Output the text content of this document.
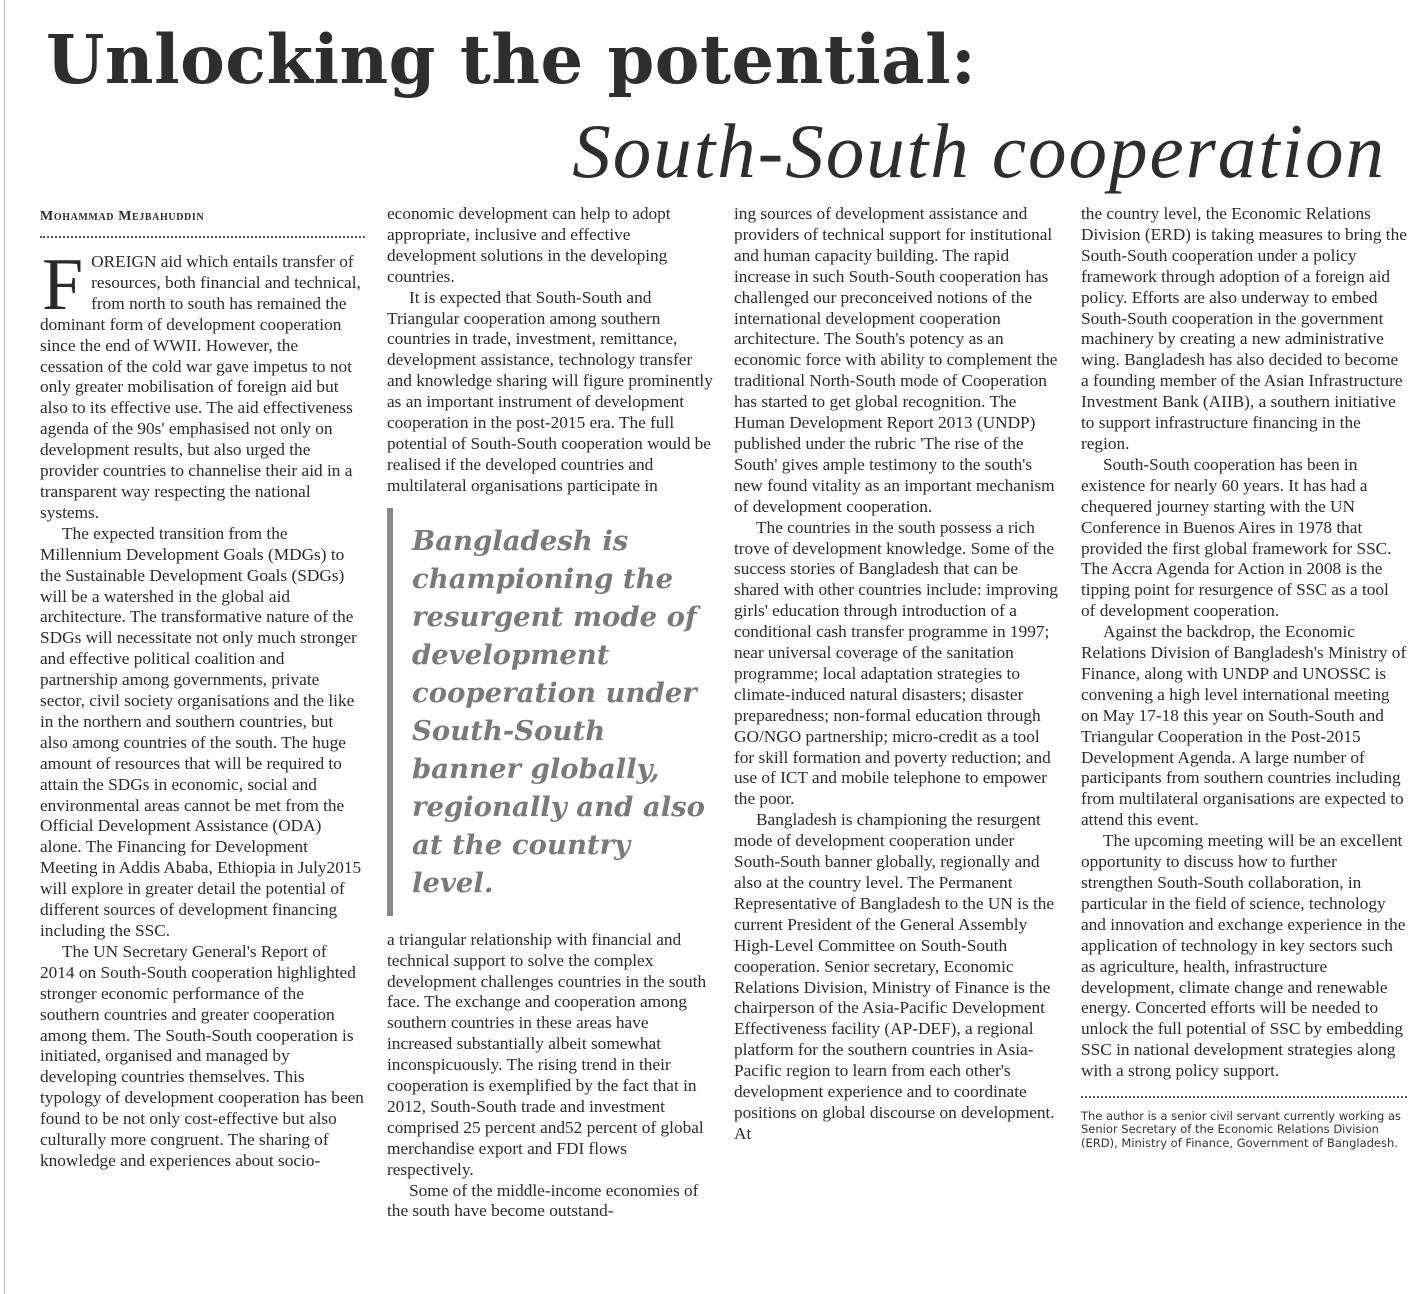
Unlocking the potential:
South-South cooperation
Mohammad Mejbahuddin

FOREIGN aid which entails transfer of resources, both financial and technical, from north to south has remained the dominant form of development cooperation since the end of WWII. However, the cessation of the cold war gave impetus to not only greater mobilisation of foreign aid but also to its effective use. The aid effectiveness agenda of the 90s' emphasised not only on development results, but also urged the provider countries to channelise their aid in a transparent way respecting the national systems.

The expected transition from the Millennium Development Goals (MDGs) to the Sustainable Development Goals (SDGs) will be a watershed in the global aid architecture. The transformative nature of the SDGs will necessitate not only much stronger and effective political coalition and partnership among governments, private sector, civil society organisations and the like in the northern and southern countries, but also among countries of the south. The huge amount of resources that will be required to attain the SDGs in economic, social and environmental areas cannot be met from the Official Development Assistance (ODA) alone. The Financing for Development Meeting in Addis Ababa, Ethiopia in July2015 will explore in greater detail the potential of different sources of development financing including the SSC.

The UN Secretary General's Report of 2014 on South-South cooperation highlighted stronger economic performance of the southern countries and greater cooperation among them. The South-South cooperation is initiated, organised and managed by developing countries themselves. This typology of development cooperation has been found to be not only cost-effective but also culturally more congruent. The sharing of knowledge and experiences about socio-

economic development can help to adopt appropriate, inclusive and effective development solutions in the developing countries.

It is expected that South-South and Triangular cooperation among southern countries in trade, investment, remittance, development assistance, technology transfer and knowledge sharing will figure prominently as an important instrument of development cooperation in the post-2015 era. The full potential of South-South cooperation would be realised if the developed countries and multilateral organisations participate in

Bangladesh is championing the resurgent mode of development cooperation under South-South banner globally, regionally and also at the country level.

a triangular relationship with financial and technical support to solve the complex development challenges countries in the south face. The exchange and cooperation among southern countries in these areas have increased substantially albeit somewhat inconspicuously. The rising trend in their cooperation is exemplified by the fact that in 2012, South-South trade and investment comprised 25 percent and52 percent of global merchandise export and FDI flows respectively.

Some of the middle-income economies of the south have become outstand-

ing sources of development assistance and providers of technical support for institutional and human capacity building. The rapid increase in such South-South cooperation has challenged our preconceived notions of the international development cooperation architecture. The South's potency as an economic force with ability to complement the traditional North-South mode of Cooperation has started to get global recognition. The Human Development Report 2013 (UNDP) published under the rubric 'The rise of the South' gives ample testimony to the south's new found vitality as an important mechanism of development cooperation.

The countries in the south possess a rich trove of development knowledge. Some of the success stories of Bangladesh that can be shared with other countries include: improving girls' education through introduction of a conditional cash transfer programme in 1997; near universal coverage of the sanitation programme; local adaptation strategies to climate-induced natural disasters; disaster preparedness; non-formal education through GO/NGO partnership; micro-credit as a tool for skill formation and poverty reduction; and use of ICT and mobile telephone to empower the poor.

Bangladesh is championing the resurgent mode of development cooperation under South-South banner globally, regionally and also at the country level. The Permanent Representative of Bangladesh to the UN is the current President of the General Assembly High-Level Committee on South-South cooperation. Senior secretary, Economic Relations Division, Ministry of Finance is the chairperson of the Asia-Pacific Development Effectiveness facility (AP-DEF), a regional platform for the southern countries in Asia- Pacific region to learn from each other's development experience and to coordinate positions on global discourse on development. At

the country level, the Economic Relations Division (ERD) is taking measures to bring the South-South cooperation under a policy framework through adoption of a foreign aid policy. Efforts are also underway to embed South-South cooperation in the government machinery by creating a new administrative wing. Bangladesh has also decided to become a founding member of the Asian Infrastructure Investment Bank (AIIB), a southern initiative to support infrastructure financing in the region.

South-South cooperation has been in existence for nearly 60 years. It has had a chequered journey starting with the UN Conference in Buenos Aires in 1978 that provided the first global framework for SSC. The Accra Agenda for Action in 2008 is the tipping point for resurgence of SSC as a tool of development cooperation.

Against the backdrop, the Economic Relations Division of Bangladesh's Ministry of Finance, along with UNDP and UNOSSC is convening a high level international meeting on May 17-18 this year on South-South and Triangular Cooperation in the Post-2015 Development Agenda. A large number of participants from southern countries including from multilateral organisations are expected to attend this event.

The upcoming meeting will be an excellent opportunity to discuss how to further strengthen South-South collaboration, in particular in the field of science, technology and innovation and exchange experience in the application of technology in key sectors such as agriculture, health, infrastructure development, climate change and renewable energy. Concerted efforts will be needed to unlock the full potential of SSC by embedding SSC in national development strategies along with a strong policy support.

The author is a senior civil servant currently working as Senior Secretary of the Economic Relations Division (ERD), Ministry of Finance, Government of Bangladesh.
